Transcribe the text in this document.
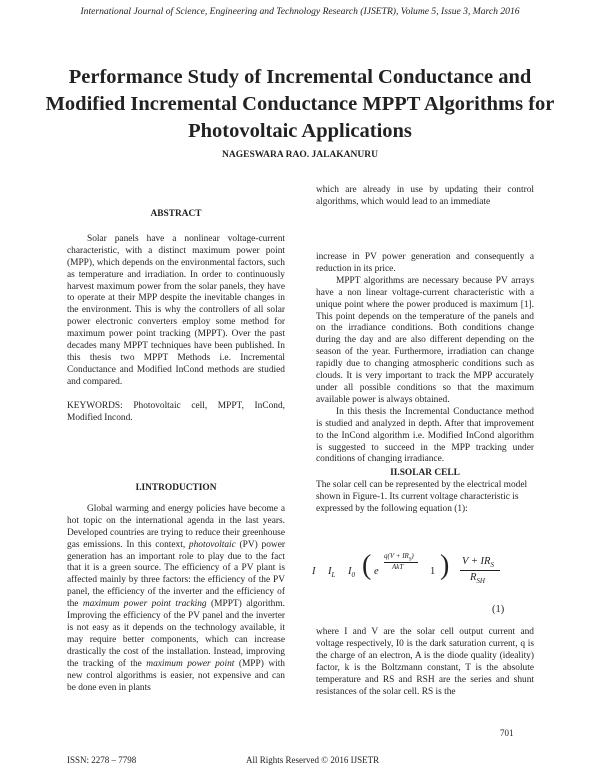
International Journal of Science, Engineering and Technology Research (IJSETR), Volume 5, Issue 3, March 2016
Performance Study of Incremental Conductance and Modified Incremental Conductance MPPT Algorithms for Photovoltaic Applications
NAGESWARA RAO. JALAKANURU

ABSTRACT

Solar panels have a nonlinear voltage-current characteristic, with a distinct maximum power point (MPP), which depends on the environmental factors, such as temperature and irradiation. In order to continuously harvest maximum power from the solar panels, they have to operate at their MPP despite the inevitable changes in the environment. This is why the controllers of all solar power electronic converters employ some method for maximum power point tracking (MPPT). Over the past decades many MPPT techniques have been published. In this thesis two MPPT Methods i.e. Incremental Conductance and Modified InCond methods are studied and compared.

KEYWORDS: Photovoltaic cell, MPPT, InCond, Modified Incond.

I.INTRODUCTION

Global warming and energy policies have become a hot topic on the international agenda in the last years. Developed countries are trying to reduce their greenhouse gas emissions. In this context, photovoltaic (PV) power generation has an important role to play due to the fact that it is a green source. The efficiency of a PV plant is affected mainly by three factors: the efficiency of the PV panel, the efficiency of the inverter and the efficiency of the maximum power point tracking (MPPT) algorithm. Improving the efficiency of the PV panel and the inverter is not easy as it depends on the technology available, it may require better components, which can increase drastically the cost of the installation. Instead, improving the tracking of the maximum power point (MPP) with new control algorithms is easier, not expensive and can be done even in plants

which are already in use by updating their control algorithms, which would lead to an immediate

increase in PV power generation and consequently a reduction in its price.

MPPT algorithms are necessary because PV arrays have a non linear voltage-current characteristic with a unique point where the power produced is maximum [1]. This point depends on the temperature of the panels and on the irradiance conditions. Both conditions change during the day and are also different depending on the season of the year. Furthermore, irradiation can change rapidly due to changing atmospheric conditions such as clouds. It is very important to track the MPP accurately under all possible conditions so that the maximum available power is always obtained.

In this thesis the Incremental Conductance method is studied and analyzed in depth. After that improvement to the InCond algorithm i.e. Modified InCond algorithm is suggested to succeed in the MPP tracking under conditions of changing irradiance.

II.SOLAR CELL

The solar cell can be represented by the electrical model shown in Figure-1. Its current voltage characteristic is expressed by the following equation (1):

I $I_L$ $I_0$ ( e
$q(V + IR_S)$
AkT	1 ) $V + IR_S$
$R_{SH}$
(1)
where I and V are the solar cell output current and voltage respectively, I0 is the dark saturation current, q is the charge of an electron, A is the diode quality (ideality) factor, k is the Boltzmann constant, T is the absolute temperature and RS and RSH are the series and shunt resistances of the solar cell. RS is the
701
ISSN: 2278 – 7798	All Rights Reserved © 2016 IJSETR
